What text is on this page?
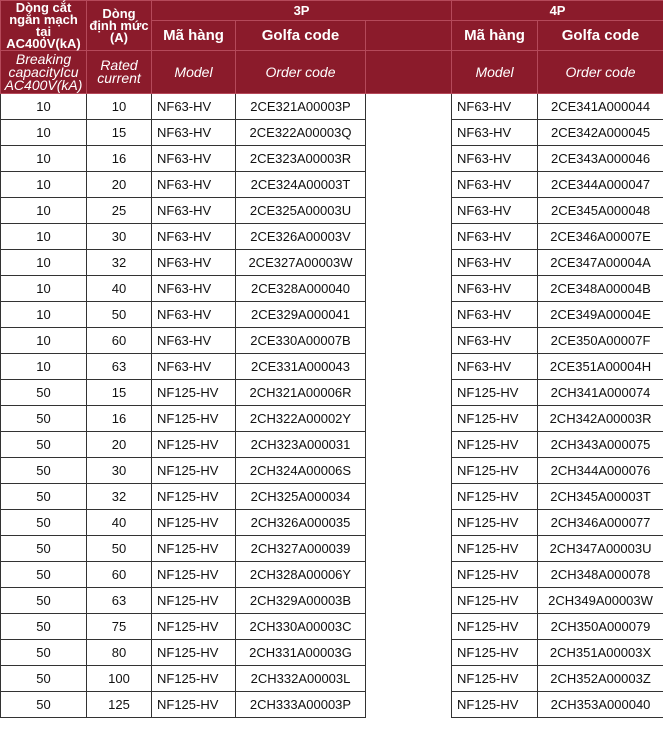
Dòng cắt ngắn mạch tại AC400V(kA)	Dòng định mức (A)	3P			4P	
		Mã hàng	Golfa code		Mã hàng	Golfa code
Breaking capacityIcu AC400V(kA)	Rated current	Model	Order code		Model	Order code
10	10	NF63-HV	2CE321A00003P		NF63-HV	2CE341A000044
10	15	NF63-HV	2CE322A00003Q		NF63-HV	2CE342A000045
10	16	NF63-HV	2CE323A00003R		NF63-HV	2CE343A000046
10	20	NF63-HV	2CE324A00003T		NF63-HV	2CE344A000047
10	25	NF63-HV	2CE325A00003U		NF63-HV	2CE345A000048
10	30	NF63-HV	2CE326A00003V		NF63-HV	2CE346A00007E
10	32	NF63-HV	2CE327A00003W		NF63-HV	2CE347A00004A
10	40	NF63-HV	2CE328A000040		NF63-HV	2CE348A00004B
10	50	NF63-HV	2CE329A000041		NF63-HV	2CE349A00004E
10	60	NF63-HV	2CE330A00007B		NF63-HV	2CE350A00007F
10	63	NF63-HV	2CE331A000043		NF63-HV	2CE351A00004H
50	15	NF125-HV	2CH321A00006R		NF125-HV	2CH341A000074
50	16	NF125-HV	2CH322A00002Y		NF125-HV	2CH342A00003R
50	20	NF125-HV	2CH323A000031		NF125-HV	2CH343A000075
50	30	NF125-HV	2CH324A00006S		NF125-HV	2CH344A000076
50	32	NF125-HV	2CH325A000034		NF125-HV	2CH345A00003T
50	40	NF125-HV	2CH326A000035		NF125-HV	2CH346A000077
50	50	NF125-HV	2CH327A000039		NF125-HV	2CH347A00003U
50	60	NF125-HV	2CH328A00006Y		NF125-HV	2CH348A000078
50	63	NF125-HV	2CH329A00003B		NF125-HV	2CH349A00003W
50	75	NF125-HV	2CH330A00003C		NF125-HV	2CH350A000079
50	80	NF125-HV	2CH331A00003G		NF125-HV	2CH351A00003X
50	100	NF125-HV	2CH332A00003L		NF125-HV	2CH352A00003Z
50	125	NF125-HV	2CH333A00003P		NF125-HV	2CH353A000040
